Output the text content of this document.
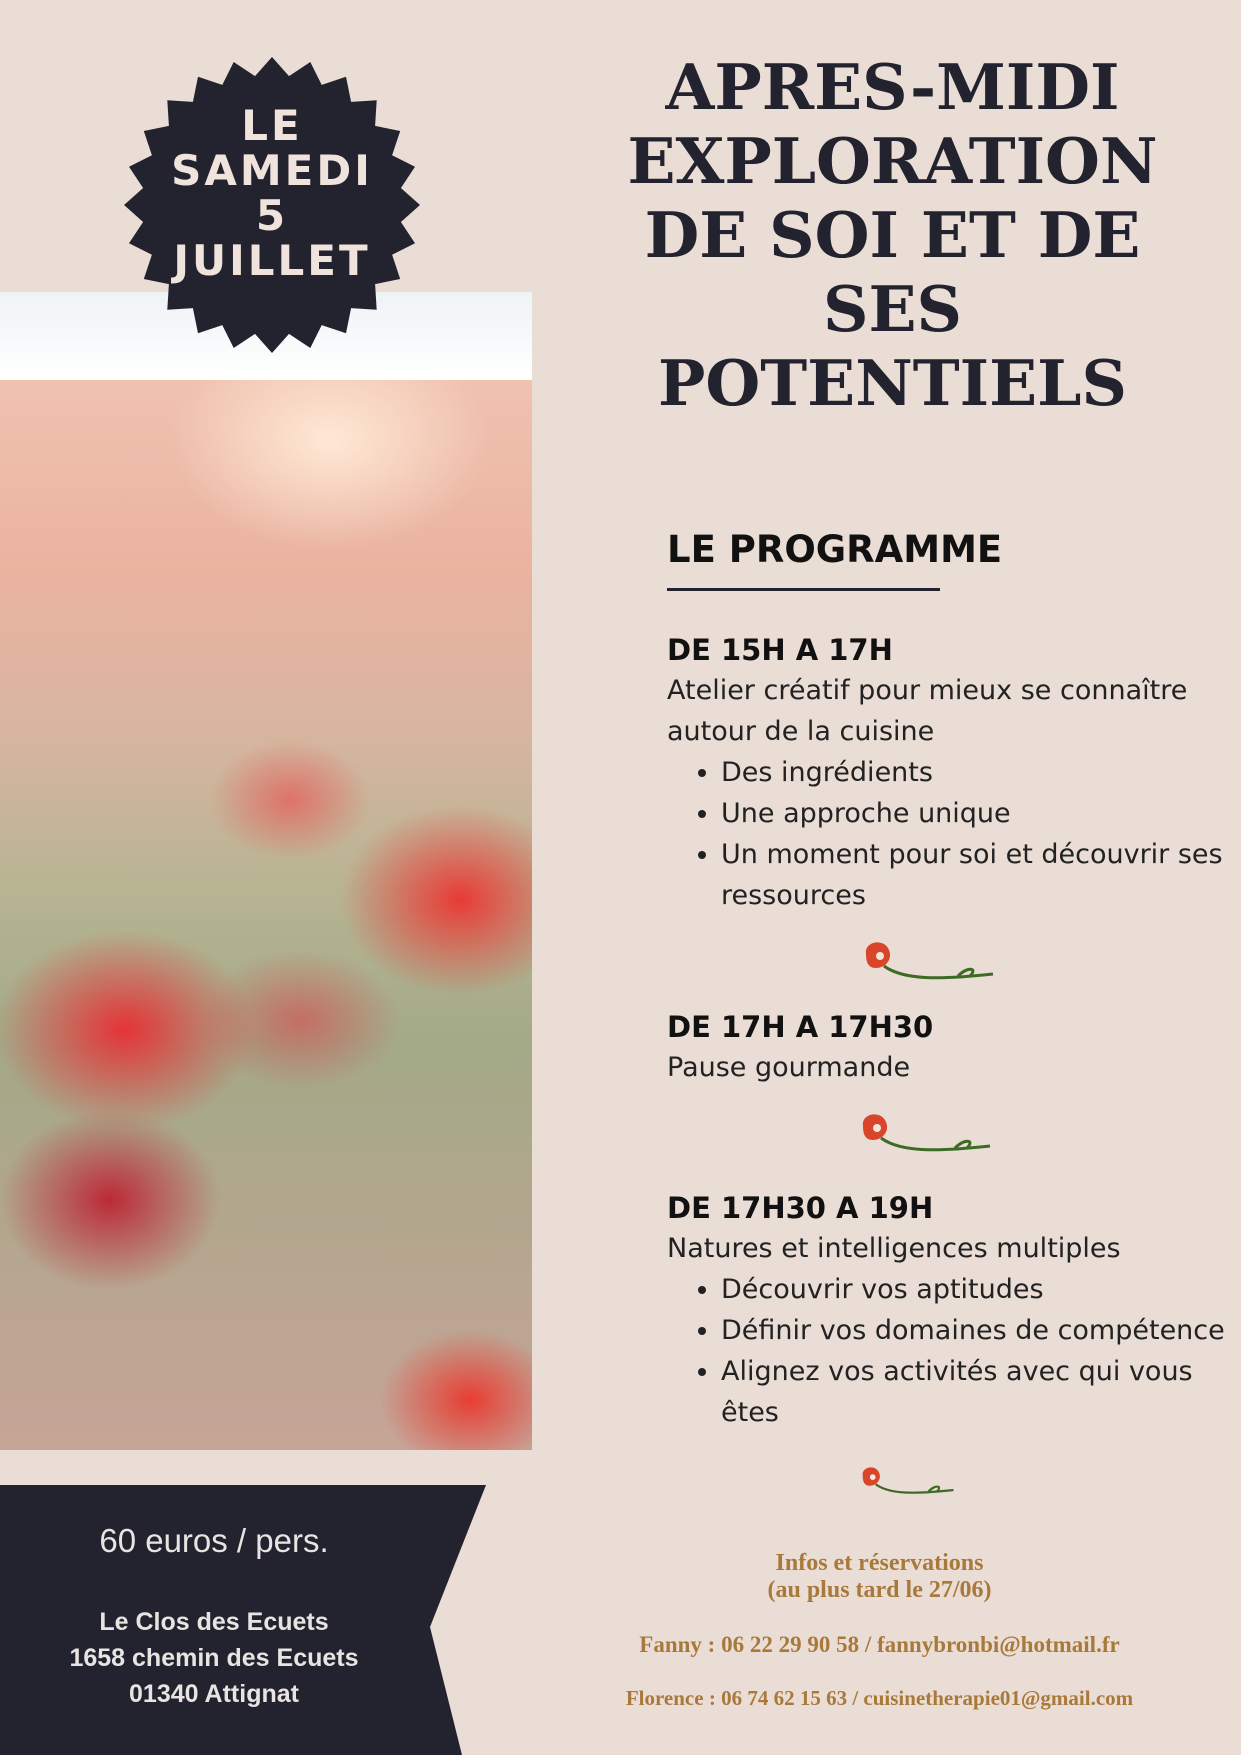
LE
SAMEDI
5
JUILLET
APRES-MIDI
EXPLORATION
DE SOI ET DE
SES
POTENTIELS
LE PROGRAMME
DE 15H A 17H

Atelier créatif pour mieux se connaître autour de la cuisine

• Des ingrédients
• Une approche unique
• Un moment pour soi et découvrir ses ressources
DE 17H A 17H30

Pause gourmande

DE 17H30 A 19H

Natures et intelligences multiples

• Découvrir vos aptitudes
• Définir vos domaines de compétence
• Alignez vos activités avec qui vous êtes
60 euros / pers.
Le Clos des Ecuets
1658 chemin des Ecuets
01340 Attignat
Infos et réservations
(au plus tard le 27/06)
Fanny : 06 22 29 90 58 / fannybronbi@hotmail.fr
Florence : 06 74 62 15 63 / cuisinetherapie01@gmail.com
